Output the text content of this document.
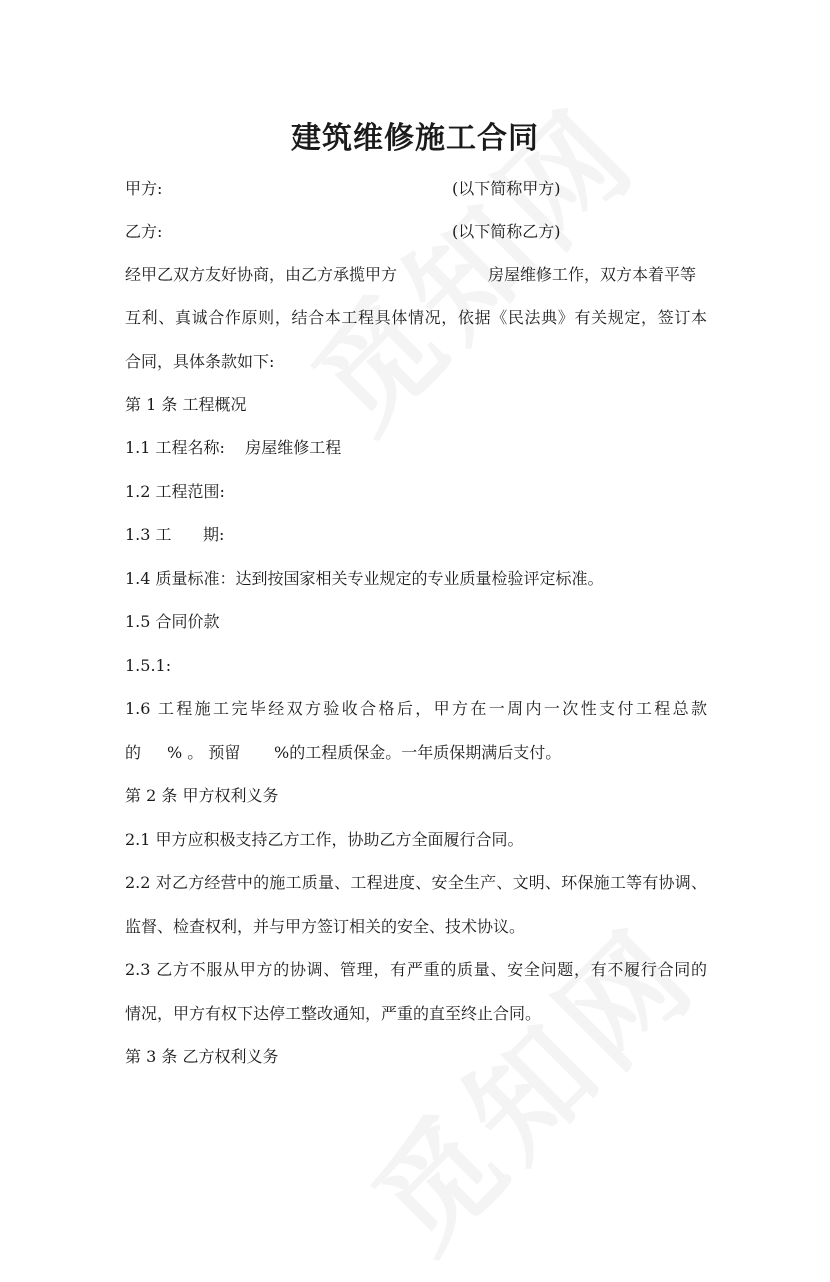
建筑维修施工合同
甲方:	(以下简称甲方)
乙方:	(以下简称乙方)
经甲乙双方友好协商，由乙方承揽甲方	房屋维修工作，双方本着平等
互利、真诚合作原则，结合本工程具体情况，依据《民法典》有关规定，签订本
合同，具体条款如下:
第 1 条 工程概况
1.1 工程名称:    房屋维修工程
1.2 工程范围:
1.3 工 期:
1.4 质量标准：达到按国家相关专业规定的专业质量检验评定标准。
1.5 合同价款
1.5.1:
1.6 工程施工完毕经双方验收合格后，甲方在一周内一次性支付工程总款
的 % 。 预留 %的工程质保金。一年质保期满后支付。
第 2 条 甲方权利义务
2.1 甲方应积极支持乙方工作，协助乙方全面履行合同。
2.2 对乙方经营中的施工质量、工程进度、安全生产、文明、环保施工等有协调、
监督、检查权利，并与甲方签订相关的安全、技术协议。
2.3 乙方不服从甲方的协调、管理，有严重的质量、安全问题，有不履行合同的
情况，甲方有权下达停工整改通知，严重的直至终止合同。
第 3 条 乙方权利义务
